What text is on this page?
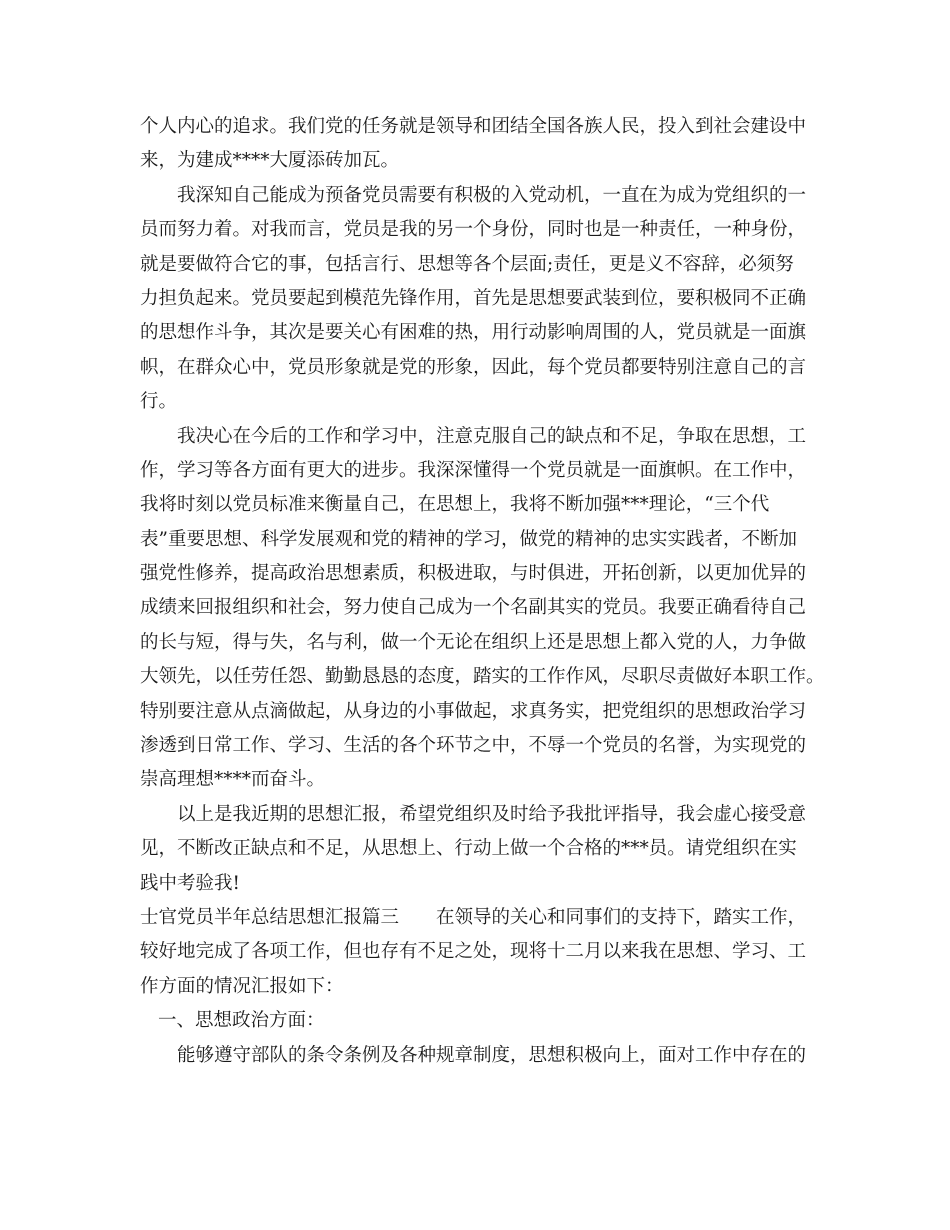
个人内心的追求。我们党的任务就是领导和团结全国各族人民，投入到社会建设中
来，为建成****大厦添砖加瓦。
我深知自己能成为预备党员需要有积极的入党动机，一直在为成为党组织的一
员而努力着。对我而言，党员是我的另一个身份，同时也是一种责任，一种身份，
就是要做符合它的事，包括言行、思想等各个层面;责任，更是义不容辞，必须努
力担负起来。党员要起到模范先锋作用，首先是思想要武装到位，要积极同不正确
的思想作斗争，其次是要关心有困难的热，用行动影响周围的人，党员就是一面旗
帜，在群众心中，党员形象就是党的形象，因此，每个党员都要特别注意自己的言
行。
我决心在今后的工作和学习中，注意克服自己的缺点和不足，争取在思想，工
作，学习等各方面有更大的进步。我深深懂得一个党员就是一面旗帜。在工作中，
我将时刻以党员标准来衡量自己，在思想上，我将不断加强***理论，“三个代
表”重要思想、科学发展观和党的精神的学习，做党的精神的忠实实践者，不断加
强党性修养，提高政治思想素质，积极进取，与时俱进，开拓创新，以更加优异的
成绩来回报组织和社会，努力使自己成为一个名副其实的党员。我要正确看待自己
的长与短，得与失，名与利，做一个无论在组织上还是思想上都入党的人，力争做
大领先，以任劳任怨、勤勤恳恳的态度，踏实的工作作风，尽职尽责做好本职工作。
特别要注意从点滴做起，从身边的小事做起，求真务实，把党组织的思想政治学习
渗透到日常工作、学习、生活的各个环节之中，不辱一个党员的名誉，为实现党的
崇高理想****而奋斗。
以上是我近期的思想汇报，希望党组织及时给予我批评指导，我会虚心接受意
见，不断改正缺点和不足，从思想上、行动上做一个合格的***员。请党组织在实
践中考验我!
士官党员半年总结思想汇报篇三　　在领导的关心和同事们的支持下，踏实工作，
较好地完成了各项工作，但也存有不足之处，现将十二月以来我在思想、学习、工
作方面的情况汇报如下：
一、思想政治方面：
能够遵守部队的条令条例及各种规章制度，思想积极向上，面对工作中存在的
